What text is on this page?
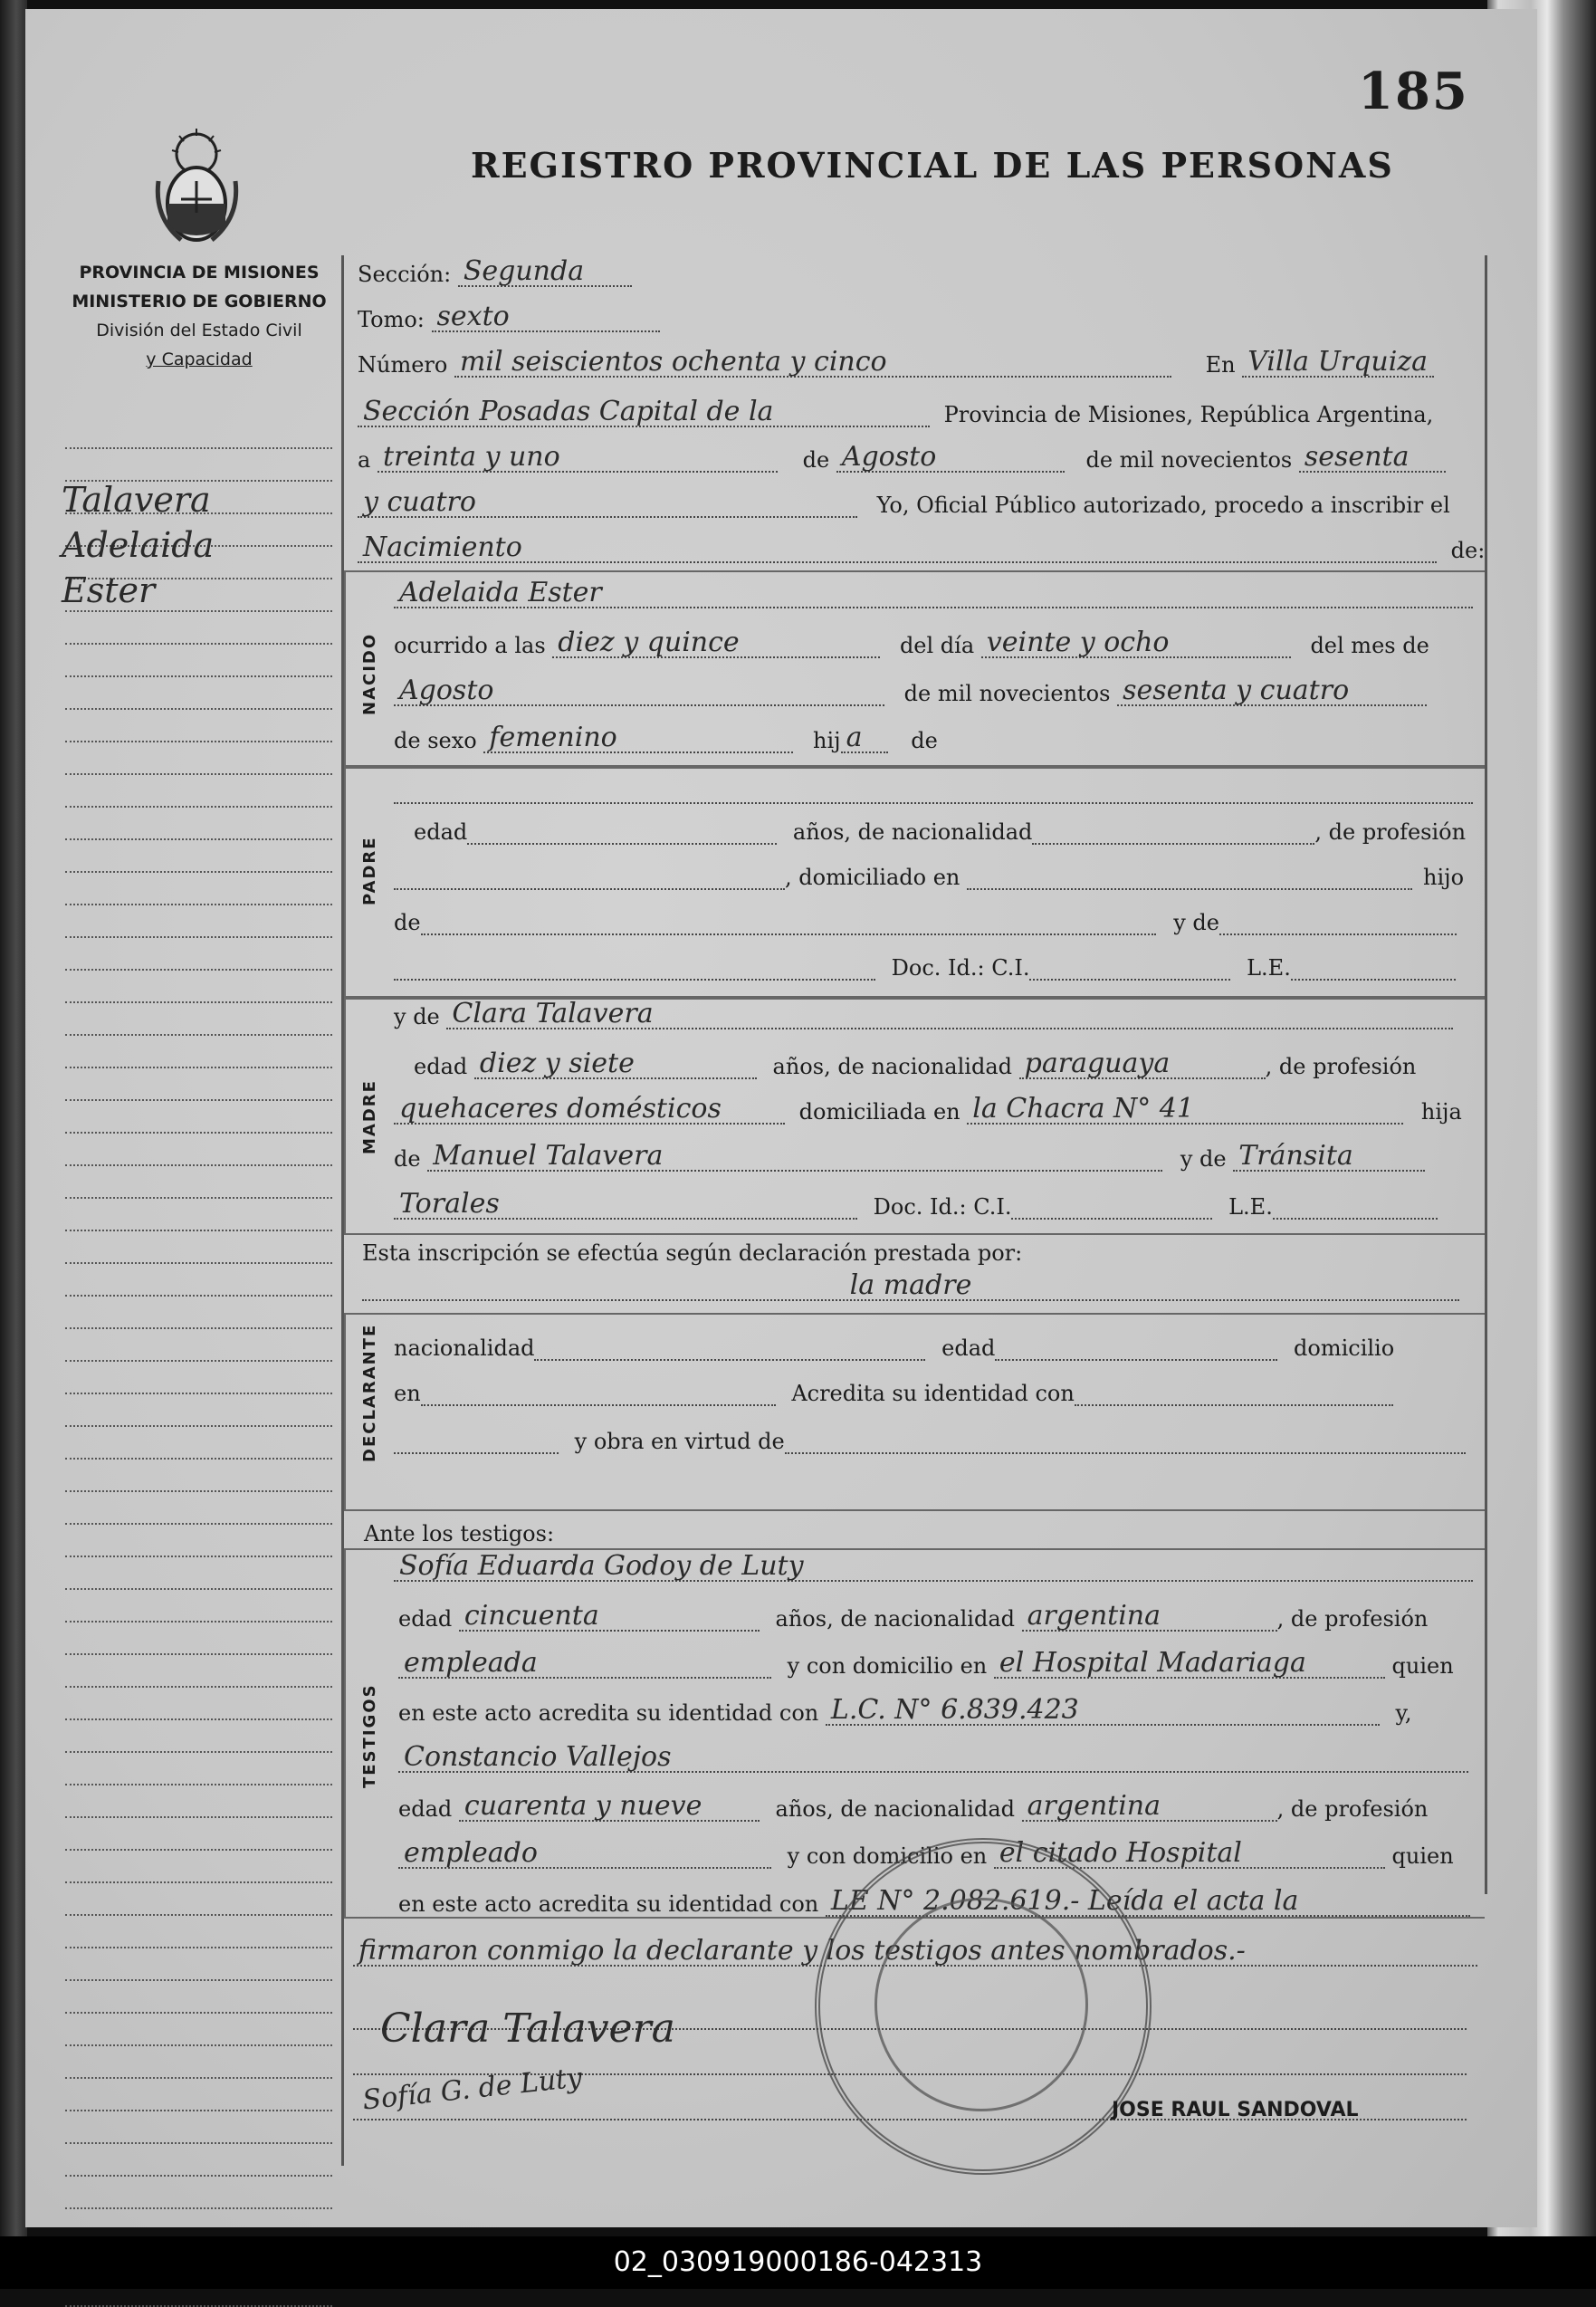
185
REGISTRO PROVINCIAL DE LAS PERSONAS
PROVINCIA DE MISIONES
MINISTERIO DE GOBIERNO
División del Estado Civil
y Capacidad
Talavera
Adelaida
Ester
Sección: Segunda
Tomo: sexto
Número mil seiscientos ochenta y cinco	En Villa Urquiza
Sección Posadas Capital de la	Provincia de Misiones, República Argentina,
a treinta y uno	de Agosto	de mil novecientos sesenta
y cuatro	Yo, Oficial Público autorizado, procedo a inscribir el
Nacimiento	de:
NACIDO
Adelaida Ester
ocurrido a las diez y quince	del día veinte y ocho	del mes de
Agosto	de mil novecientos sesenta y cuatro
de sexo femenino	hij a de
PADRE
edad	años, de nacionalidad	, de profesión
, domiciliado en	hijo
de	y de
Doc. Id.: C.I.	L.E.
MADRE
y de Clara Talavera
edad diez y siete	años, de nacionalidad paraguaya	, de profesión
quehaceres domésticos	domiciliada en la Chacra N° 41	hija
de Manuel Talavera	y de Tránsita
Torales	Doc. Id.: C.I.	L.E.
Esta inscripción se efectúa según declaración prestada por:
la madre
DECLARANTE nacionalidad	edad	domicilio
en	Acredita su identidad con
y obra en virtud de
Ante los testigos:
TESTIGOS
Sofía Eduarda Godoy de Luty
edad cincuenta	años, de nacionalidad argentina	, de profesión
empleada	y con domicilio en el Hospital Madariaga	quien
en este acto acredita su identidad con L.C. N° 6.839.423	y,
Constancio Vallejos
edad cuarenta y nueve	años, de nacionalidad argentina	, de profesión
empleado	y con domicilio en el citado Hospital	quien
en este acto acredita su identidad con LE N° 2.082.619.- Leída el acta la
firmaron conmigo la declarante y los testigos antes nombrados.-
Clara Talavera
Sofía G. de Luty	JOSE RAUL SANDOVAL
02_030919000186-042313
